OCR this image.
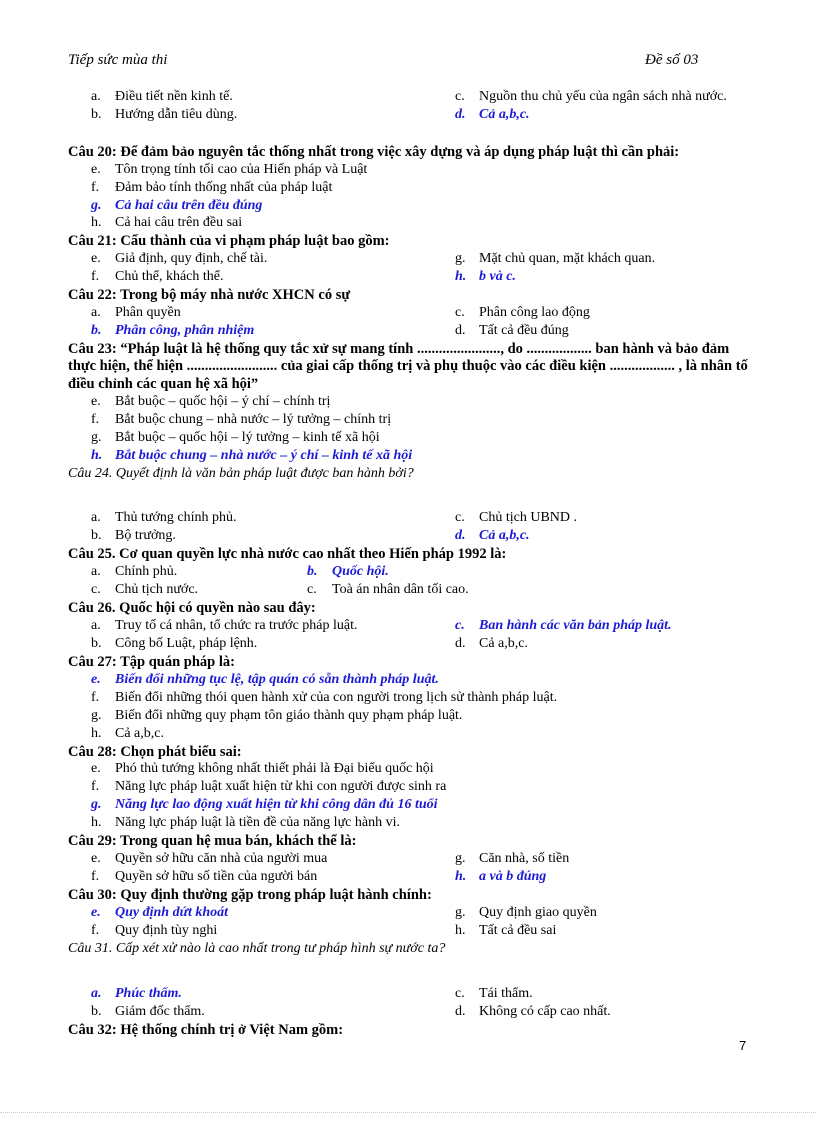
Tiếp sức mùa thi	Đề số 03
a. Điều tiết nền kinh tế.	c. Nguồn thu chủ yếu của ngân sách nhà nước.
b. Hướng dẫn tiêu dùng.	d. Cả a,b,c.
Câu 20: Để đảm bảo nguyên tắc thống nhất trong việc xây dựng và áp dụng pháp luật thì cần phải:
e. Tôn trọng tính tối cao của Hiến pháp và Luật
f. Đảm bảo tính thống nhất của pháp luật
g. Cả hai câu trên đều đúng
h. Cả hai câu trên đều sai
Câu 21: Cấu thành của vi phạm pháp luật bao gồm:
e. Giả định, quy định, chế tài.	g. Mặt chủ quan, mặt khách quan.
f. Chủ thể, khách thể.	h. b và c.
Câu 22: Trong bộ máy nhà nước XHCN có sự
a. Phân quyền	c. Phân công lao động
b. Phân công, phân nhiệm	d. Tất cả đều đúng
Câu 23: “Pháp luật là hệ thống quy tắc xử sự mang tính ......................., do .................. ban hành và bảo đảm
thực hiện, thể hiện ......................... của giai cấp thống trị và phụ thuộc vào các điều kiện .................. , là nhân tố
điều chỉnh các quan hệ xã hội”
e. Bắt buộc – quốc hội – ý chí – chính trị
f. Bắt buộc chung – nhà nước – lý tưởng – chính trị
g. Bắt buộc – quốc hội – lý tưởng – kinh tế xã hội
h. Bắt buộc chung – nhà nước – ý chí – kinh tế xã hội
Câu 24. Quyết định là văn bản pháp luật được ban hành bởi?
a. Thủ tướng chính phủ.	c. Chủ tịch UBND .
b. Bộ trưởng.	d. Cả a,b,c.
Câu 25. Cơ quan quyền lực nhà nước cao nhất theo Hiến pháp 1992 là:
a. Chính phủ.	b. Quốc hội.
c. Chủ tịch nước.	c. Toà án nhân dân tối cao.
Câu 26. Quốc hội có quyền nào sau đây:
a. Truy tố cá nhân, tổ chức ra trước pháp luật.	c. Ban hành các văn bản pháp luật.
b. Công bố Luật, pháp lệnh.	d. Cả a,b,c.
Câu 27: Tập quán pháp là:
e. Biến đổi những tục lệ, tập quán có sẵn thành pháp luật.
f. Biến đổi những thói quen hành xử của con người trong lịch sử thành pháp luật.
g. Biến đổi những quy phạm tôn giáo thành quy phạm pháp luật.
h. Cả a,b,c.
Câu 28: Chọn phát biểu sai:
e. Phó thủ tướng không nhất thiết phải là Đại biểu quốc hội
f. Năng lực pháp luật xuất hiện từ khi con người được sinh ra
g. Năng lực lao động xuất hiện từ khi công dân đủ 16 tuổi
h. Năng lực pháp luật là tiền đề của năng lực hành vi.
Câu 29: Trong quan hệ mua bán, khách thể là:
e. Quyền sở hữu căn nhà của người mua	g. Căn nhà, số tiền
f. Quyền sở hữu số tiền của người bán	h. a và b đúng
Câu 30: Quy định thường gặp trong pháp luật hành chính:
e. Quy định dứt khoát	g. Quy định giao quyền
f. Quy định tùy nghi	h. Tất cả đều sai
Câu 31. Cấp xét xử nào là cao nhất trong tư pháp hình sự nước ta?
a. Phúc thẩm.	c. Tái thẩm.
b. Giám đốc thẩm.	d. Không có cấp cao nhất.
Câu 32: Hệ thống chính trị ở Việt Nam gồm:
7
